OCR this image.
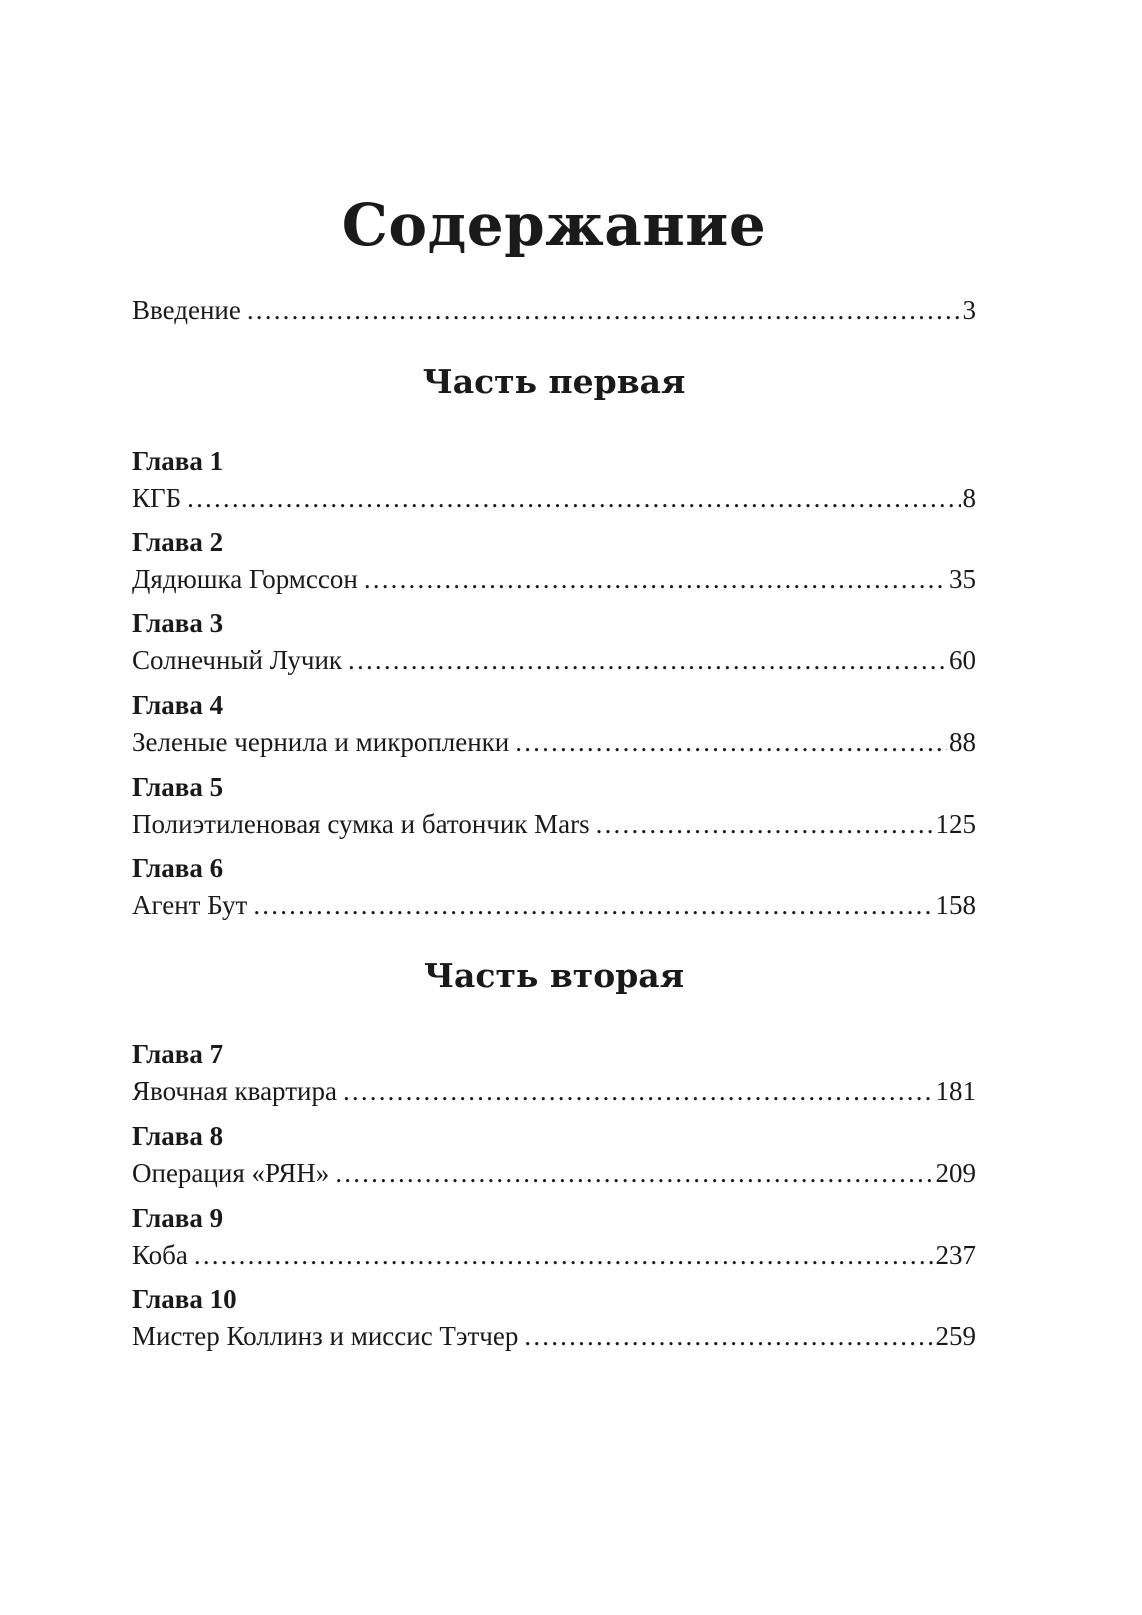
Содержание
Введение .....	3
Часть первая
Глава 1
КГБ .....	8
Глава 2
Дядюшка Гормссон .....	35
Глава 3
Солнечный Лучик .....	60
Глава 4
Зеленые чернила и микропленки .....	88
Глава 5
Полиэтиленовая сумка и батончик Mars .....	125
Глава 6
Агент Бут .....	158
Часть вторая
Глава 7
Явочная квартира .....	181
Глава 8
Операция «РЯН» .....	209
Глава 9
Коба .....	237
Глава 10
Мистер Коллинз и миссис Тэтчер .....	259
